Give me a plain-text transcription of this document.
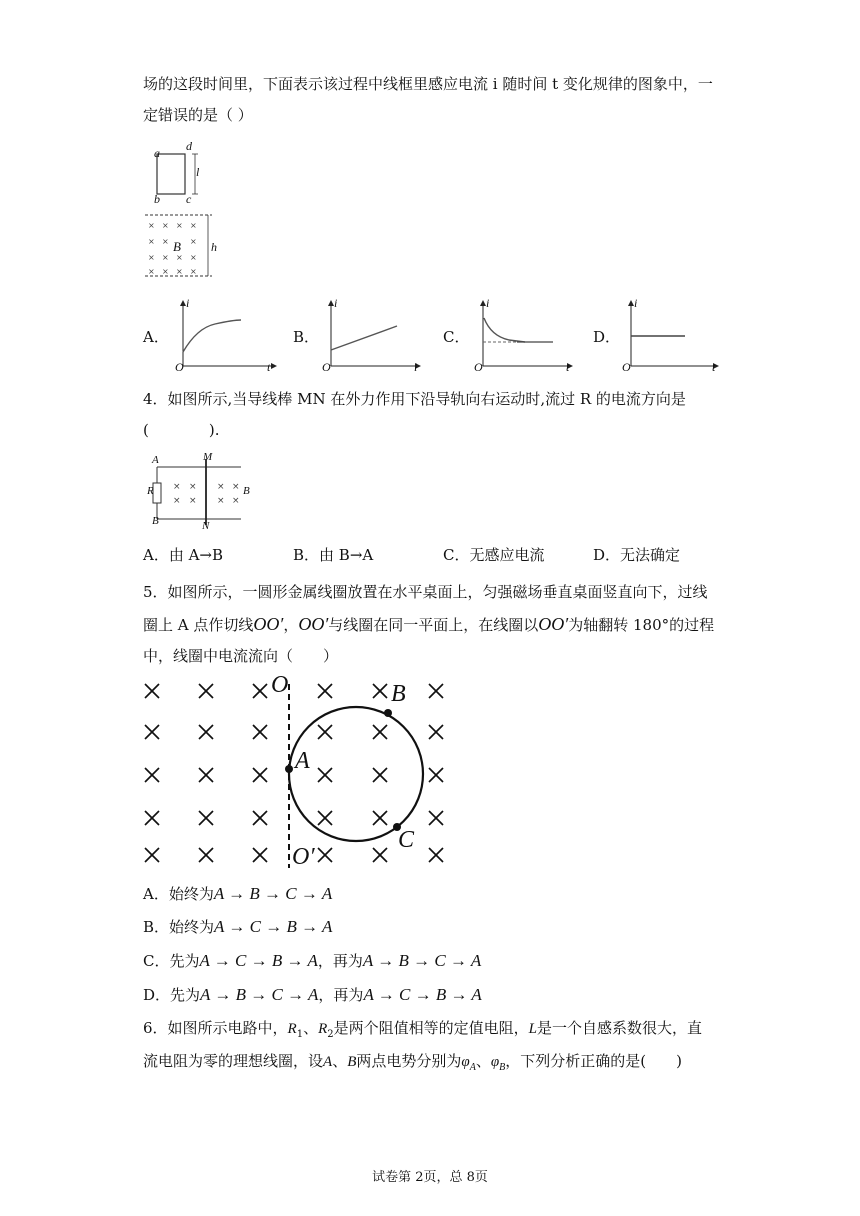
场的这段时间里，下面表示该过程中线框里感应电流 i 随时间 t 变化规律的图象中，一
定错误的是（ ）
× × × ×
× ×	×
× × × ×
× × × ×
a d
l
b c
B	h
A．
i
O	t
B．
i
O	i
C．
i
O	t
D．
i
O	t
4．如图所示,当导线棒 MN 在外力作用下沿导轨向右运动时,流过 R 的电流方向是
(　　　　).
× × × ×
× × × ×
A
R
B
M
N
B
A．由 A→B	B．由 B→A	C．无感应电流	D．无法确定
5．如图所示，一圆形金属线圈放置在水平桌面上，匀强磁场垂直桌面竖直向下，过线
圈上 A 点作切线OO′，OO′与线圈在同一平面上，在线圈以OO′为轴翻转 180°的过程
中，线圈中电流流向（　　）
O
O′
A
B
C
A．始终为A → B → C → A
B．始终为A → C → B → A
C．先为A → C → B → A，再为A → B → C → A
D．先为A → B → C → A，再为A → C → B → A
6．如图所示电路中，$R_1$、$R_2$是两个阻值相等的定值电阻，L是一个自感系数很大，直
流电阻为零的理想线圈，设A、B两点电势分别为$\varphi_A$、$\varphi_B$，下列分析正确的是(　　)
试卷第 2页，总 8页
